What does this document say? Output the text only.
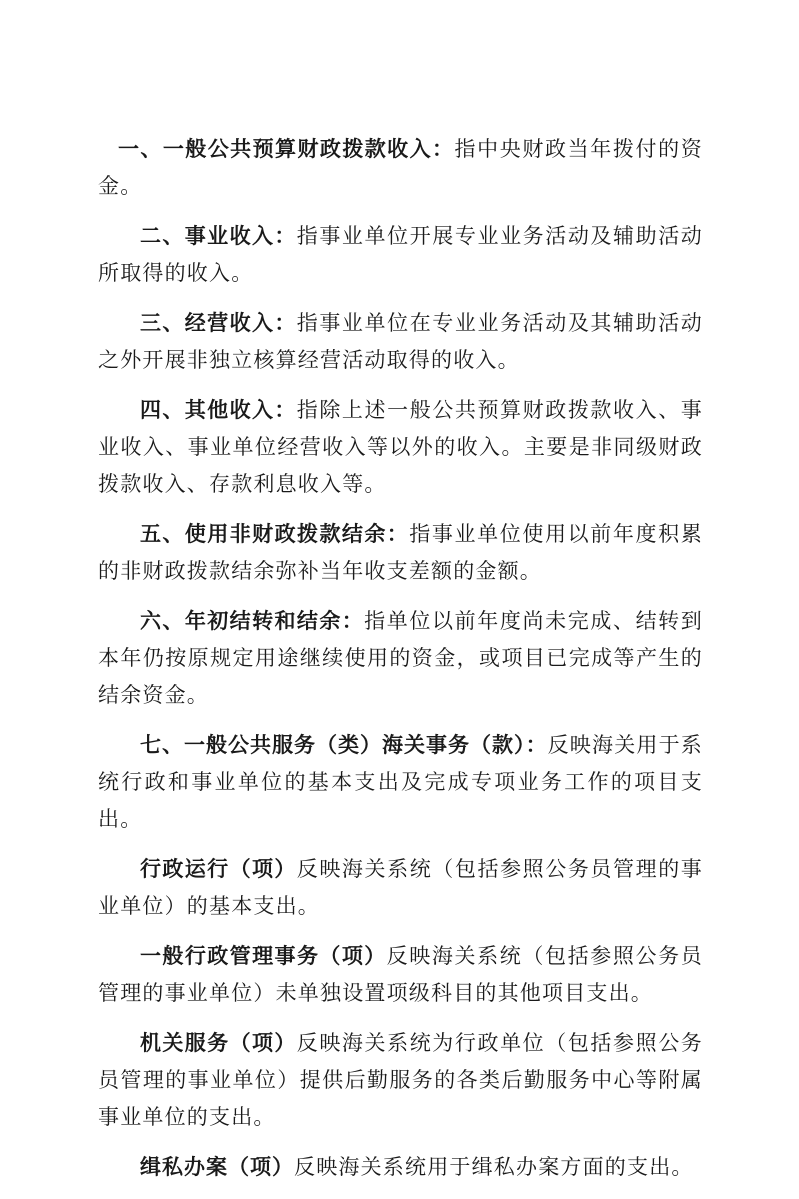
一、一般公共预算财政拨款收入：指中央财政当年拨付的资金。

二、事业收入：指事业单位开展专业业务活动及辅助活动所取得的收入。

三、经营收入：指事业单位在专业业务活动及其辅助活动之外开展非独立核算经营活动取得的收入。

四、其他收入：指除上述一般公共预算财政拨款收入、事业收入、事业单位经营收入等以外的收入。主要是非同级财政拨款收入、存款利息收入等。

五、使用非财政拨款结余：指事业单位使用以前年度积累的非财政拨款结余弥补当年收支差额的金额。

六、年初结转和结余：指单位以前年度尚未完成、结转到本年仍按原规定用途继续使用的资金，或项目已完成等产生的结余资金。

七、一般公共服务（类）海关事务（款）：反映海关用于系统行政和事业单位的基本支出及完成专项业务工作的项目支出。

行政运行（项）反映海关系统（包括参照公务员管理的事业单位）的基本支出。

一般行政管理事务（项）反映海关系统（包括参照公务员管理的事业单位）未单独设置项级科目的其他项目支出。

机关服务（项）反映海关系统为行政单位（包括参照公务员管理的事业单位）提供后勤服务的各类后勤服务中心等附属事业单位的支出。

缉私办案（项）反映海关系统用于缉私办案方面的支出。
